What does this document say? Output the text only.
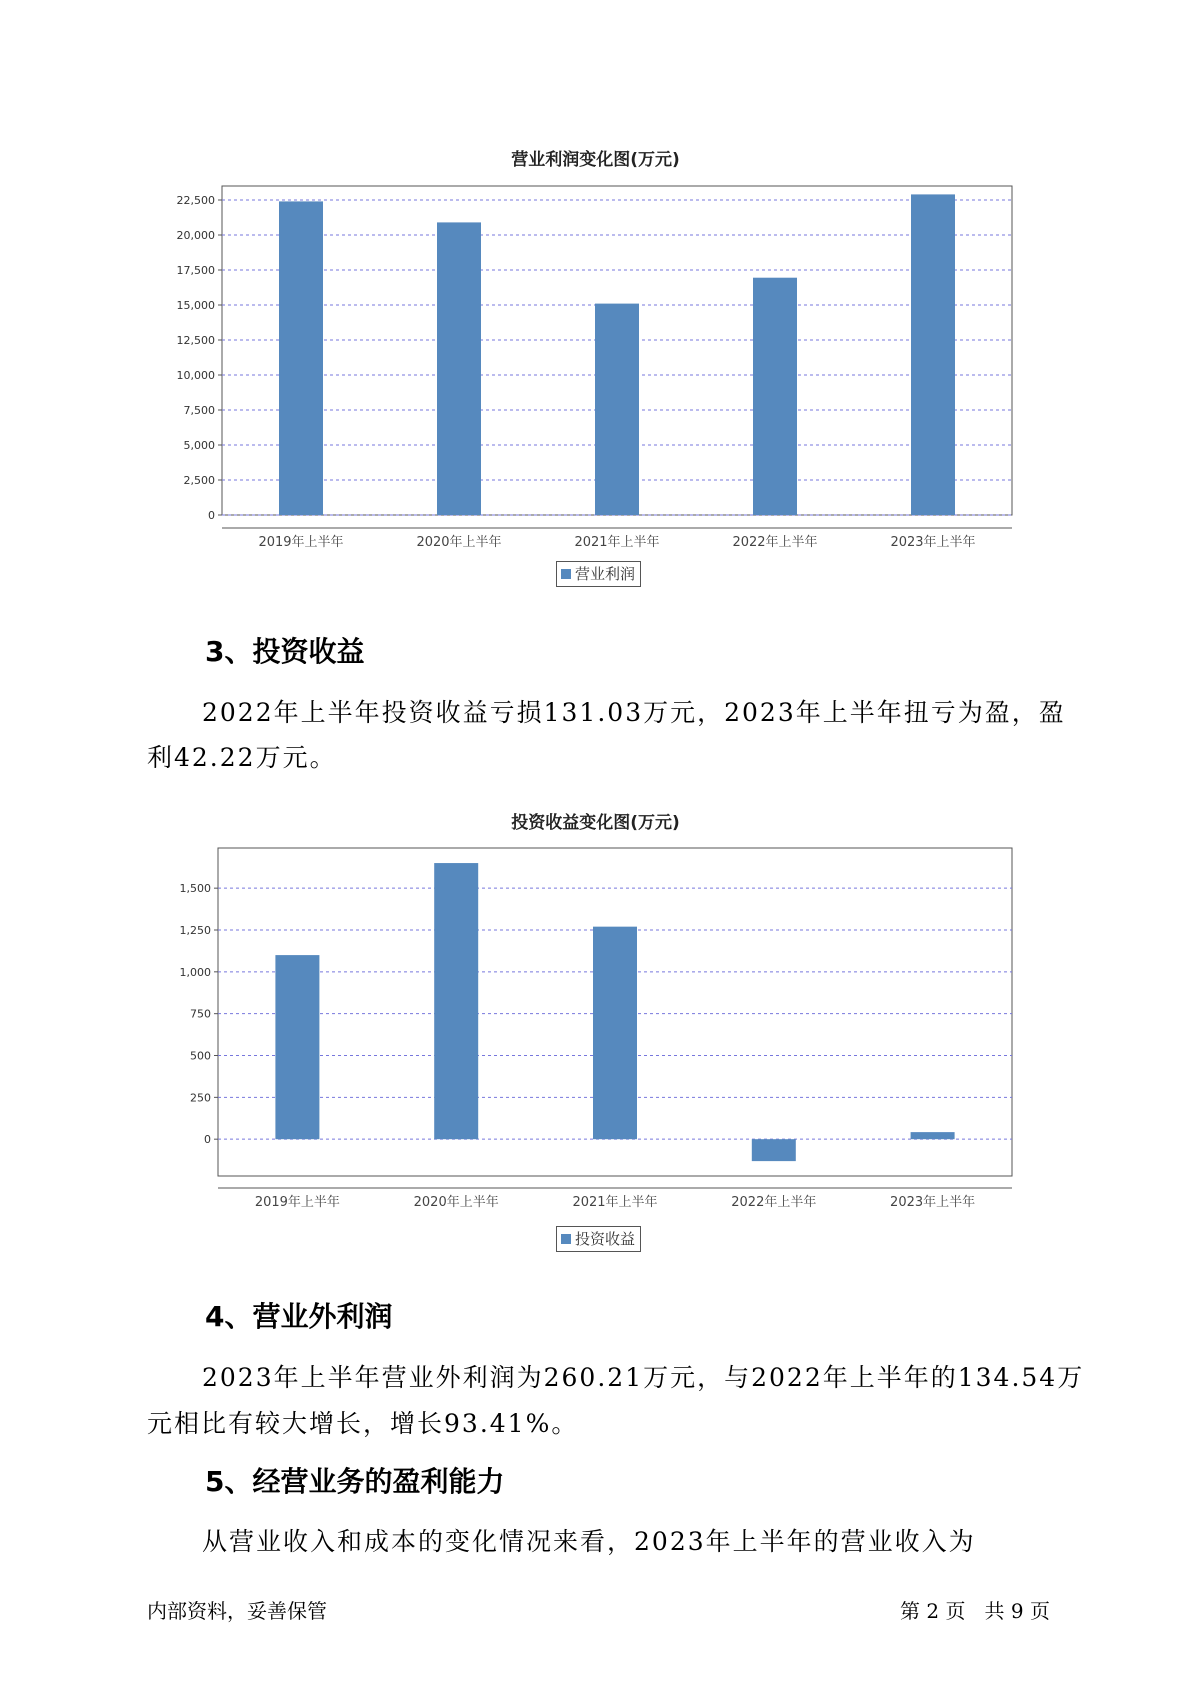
营业利润变化图(万元)
0
2,500
5,000
7,500
10,000
12,500
15,000
17,500
20,000
22,500
2019年上半年	2020年上半年	2021年上半年	2022年上半年	2023年上半年
营业利润
3、投资收益
2022年上半年投资收益亏损131.03万元，2023年上半年扭亏为盈，盈
利42.22万元。
投资收益变化图(万元)
0
250
500
750
1,000
1,250
1,500
2019年上半年	2020年上半年	2021年上半年	2022年上半年	2023年上半年
投资收益
4、营业外利润
2023年上半年营业外利润为260.21万元，与2022年上半年的134.54万
元相比有较大增长，增长93.41%。
5、经营业务的盈利能力
从营业收入和成本的变化情况来看，2023年上半年的营业收入为
内部资料，妥善保管	第 2 页   共 9 页
